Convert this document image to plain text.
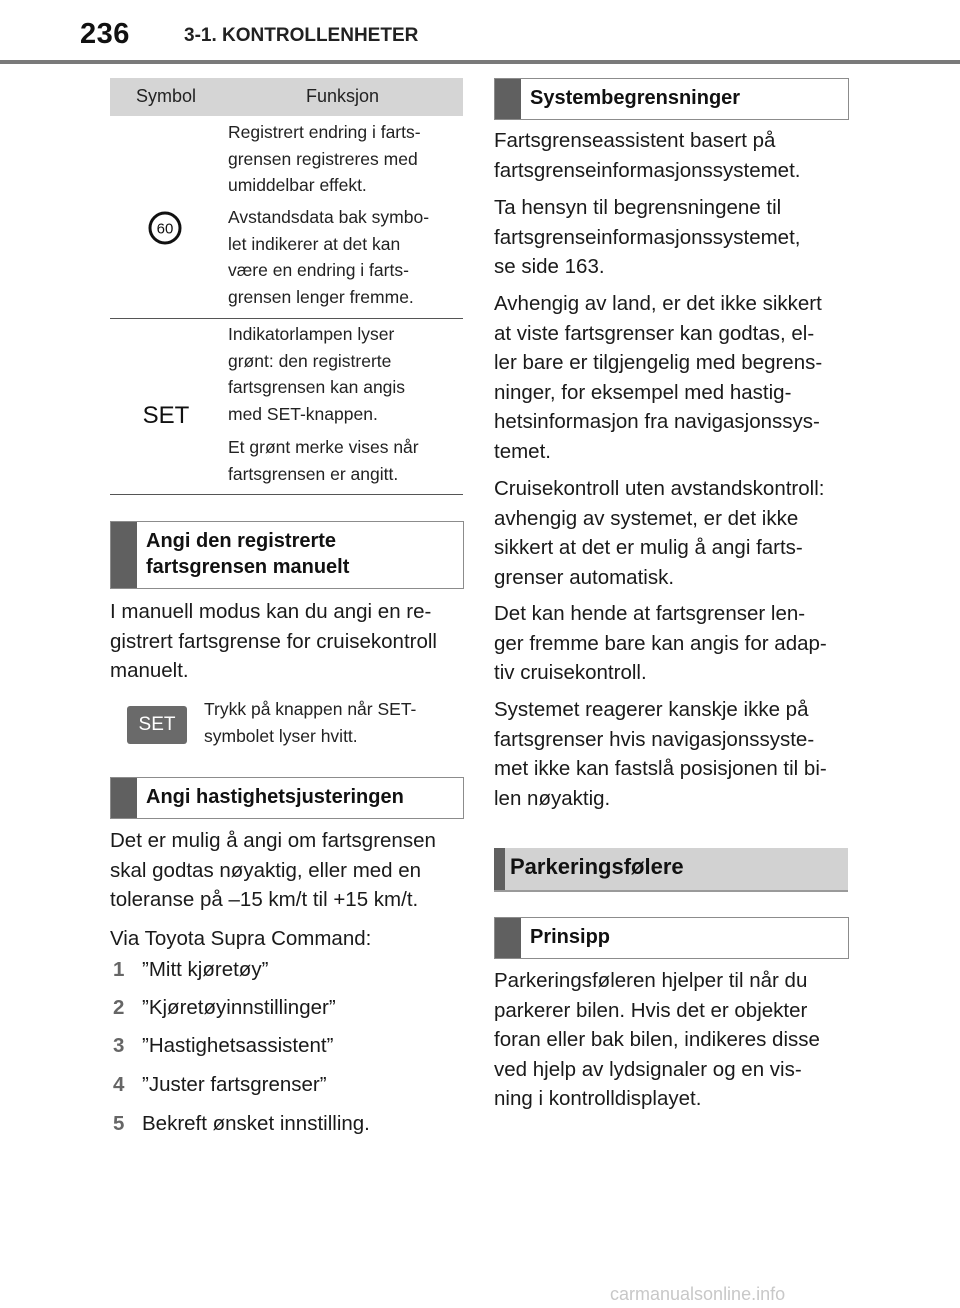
236	3-1. KONTROLLENHETER
Symbol	Funksjon
60
Registrert endring i farts-
grensen registreres med
umiddelbar effekt.
Avstandsdata bak symbo-
let indikerer at det kan
være en endring i farts-
grensen lenger fremme.
SET
Indikatorlampen lyser
grønt: den registrerte
fartsgrensen kan angis
med SET-knappen.
Et grønt merke vises når
fartsgrensen er angitt.
Angi den registrerte
fartsgrensen manuelt
I manuell modus kan du angi en re-
gistrert fartsgrense for cruisekontroll
manuelt.
SET
Trykk på knappen når SET-
symbolet lyser hvitt.
Angi hastighetsjusteringen
Det er mulig å angi om fartsgrensen
skal godtas nøyaktig, eller med en
toleranse på –15 km/t til +15 km/t.
Via Toyota Supra Command:
1 ”Mitt kjøretøy”
2 ”Kjøretøyinnstillinger”
3 ”Hastighetsassistent”
4 ”Juster fartsgrenser”
5 Bekreft ønsket innstilling.
Systembegrensninger
Fartsgrenseassistent basert på
fartsgrenseinformasjonssystemet.
Ta hensyn til begrensningene til
fartsgrenseinformasjonssystemet,
se side 163.
Avhengig av land, er det ikke sikkert
at viste fartsgrenser kan godtas, el-
ler bare er tilgjengelig med begrens-
ninger, for eksempel med hastig-
hetsinformasjon fra navigasjonssys-
temet.
Cruisekontroll uten avstandskontroll:
avhengig av systemet, er det ikke
sikkert at det er mulig å angi farts-
grenser automatisk.
Det kan hende at fartsgrenser len-
ger fremme bare kan angis for adap-
tiv cruisekontroll.
Systemet reagerer kanskje ikke på
fartsgrenser hvis navigasjonssyste-
met ikke kan fastslå posisjonen til bi-
len nøyaktig.
Parkeringsfølere
Prinsipp
Parkeringsføleren hjelper til når du
parkerer bilen. Hvis det er objekter
foran eller bak bilen, indikeres disse
ved hjelp av lydsignaler og en vis-
ning i kontrolldisplayet.
carmanualsonline.info
